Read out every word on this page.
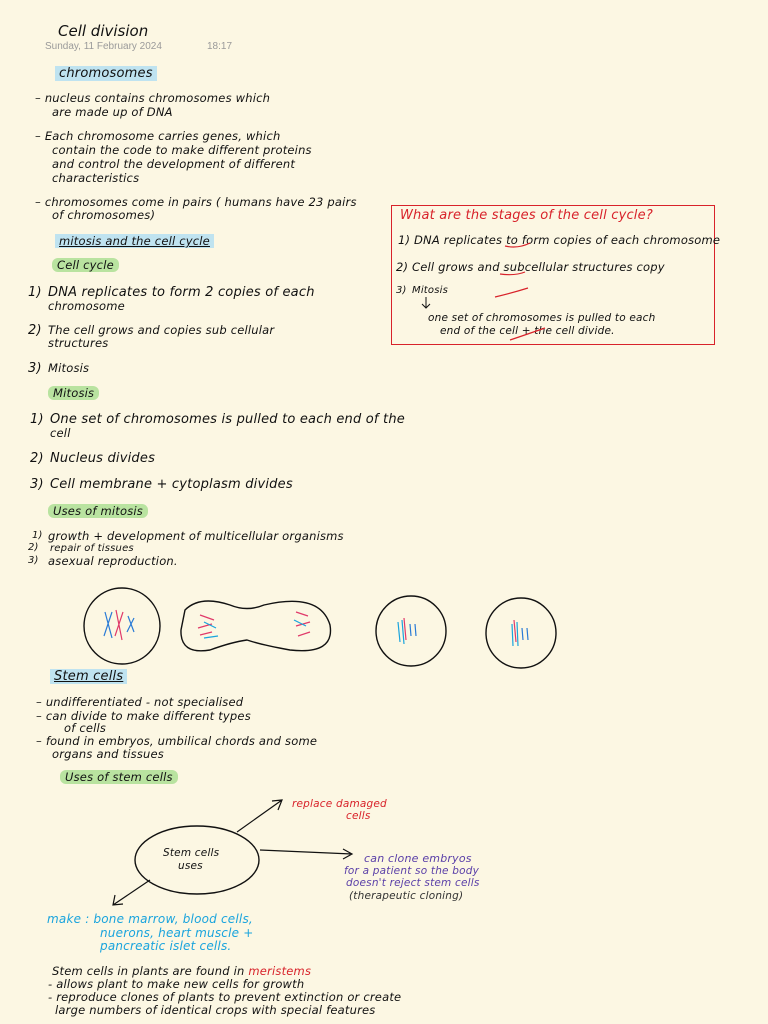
Cell division
Sunday, 11 February 2024	18:17
chromosomes
– nucleus contains chromosomes which
are made up of DNA
– Each chromosome carries genes, which
contain the code to make different proteins
and control the development of different
characteristics
– chromosomes come in pairs ( humans have 23 pairs
of chromosomes)
mitosis and the cell cycle
Cell cycle
1) DNA replicates to form 2 copies of each
chromosome
2) The cell grows and copies sub cellular
structures
3) Mitosis
Mitosis
1) One set of chromosomes is pulled to each end of the
cell
2) Nucleus divides
3) Cell membrane + cytoplasm divides
Uses of mitosis
1) growth + development of multicellular organisms
2) repair of tissues
3) asexual reproduction.
What are the stages of the cell cycle?
1) DNA replicates to form copies of each chromosome
2) Cell grows and subcellular structures copy
3) Mitosis
one set of chromosomes is pulled to each
end of the cell + the cell divide.
Stem cells
– undifferentiated - not specialised
– can divide to make different types
of cells
– found in embryos, umbilical chords and some
organs and tissues
Uses of stem cells
Stem cells
uses
replace damaged
cells
can clone embryos
for a patient so the body
doesn't reject stem cells
(therapeutic cloning)
make : bone marrow, blood cells,
nuerons, heart muscle +
pancreatic islet cells.
Stem cells in plants are found in meristems
- allows plant to make new cells for growth
- reproduce clones of plants to prevent extinction or create
large numbers of identical crops with special features
